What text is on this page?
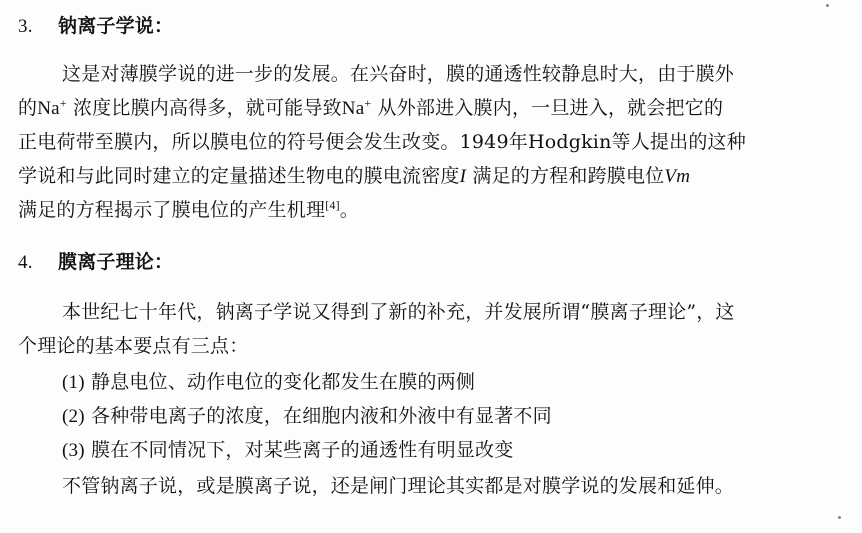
3. 钠离子学说：
这是对薄膜学说的进一步的发展。在兴奋时，膜的通透性较静息时大，由于膜外
的Na+ 浓度比膜内高得多，就可能导致Na+ 从外部进入膜内，一旦进入，就会把它的
正电荷带至膜内，所以膜电位的符号便会发生改变。1949年Hodgkin等人提出的这种
学说和与此同时建立的定量描述生物电的膜电流密度I 满足的方程和跨膜电位Vm
满足的方程揭示了膜电位的产生机理[4]。
4. 膜离子理论：
本世纪七十年代，钠离子学说又得到了新的补充，并发展所谓“膜离子理论”，这
个理论的基本要点有三点：
(1) 静息电位、动作电位的变化都发生在膜的两侧
(2) 各种带电离子的浓度，在细胞内液和外液中有显著不同
(3) 膜在不同情况下，对某些离子的通透性有明显改变
不管钠离子说，或是膜离子说，还是闸门理论其实都是对膜学说的发展和延伸。
